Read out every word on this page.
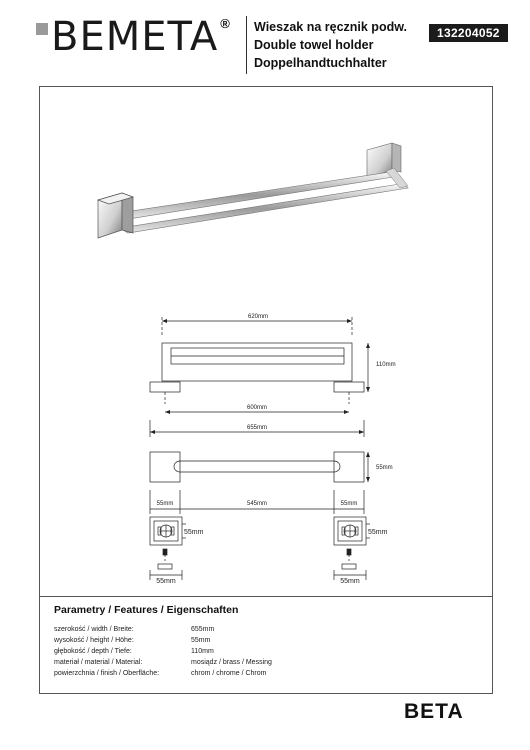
BEMETA ® Wieszak na ręcznik podw.
Double towel holder
Doppelhandtuchhalter
132204052
620mm
110mm
600mm
655mm
55mm
55mm	545mm	55mm
55mm
55mm
55mm
55mm
Parametry / Features / Eigenschaften
szerokość / width / Breite:	655mm
wysokość / height / Höhe:	55mm
głębokość / depth / Tiefe:	110mm
materiał / material / Material:	mosiądz / brass / Messing
powierzchnia / finish / Oberfläche:	chrom / chrome / Chrom
BETA
